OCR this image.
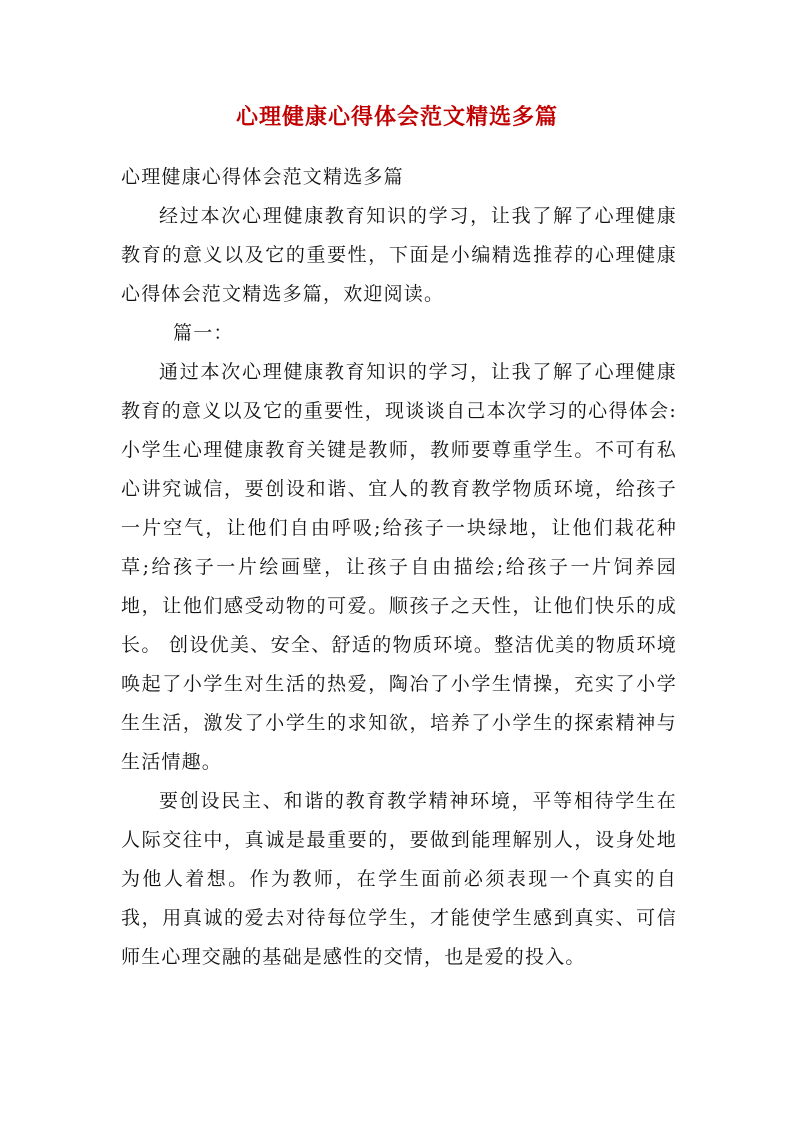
心理健康心得体会范文精选多篇

心理健康心得体会范文精选多篇

经过本次心理健康教育知识的学习，让我了解了心理健康教育的意义以及它的重要性，下面是小编精选推荐的心理健康心得体会范文精选多篇，欢迎阅读。

篇一：

通过本次心理健康教育知识的学习，让我了解了心理健康教育的意义以及它的重要性，现谈谈自己本次学习的心得体会:小学生心理健康教育关键是教师，教师要尊重学生。不可有私心讲究诚信，要创设和谐、宜人的教育教学物质环境，给孩子一片空气，让他们自由呼吸;给孩子一块绿地，让他们栽花种草;给孩子一片绘画壁，让孩子自由描绘;给孩子一片饲养园地，让他们感受动物的可爱。顺孩子之天性，让他们快乐的成长。 创设优美、安全、舒适的物质环境。整洁优美的物质环境唤起了小学生对生活的热爱，陶冶了小学生情操，充实了小学生生活，激发了小学生的求知欲，培养了小学生的探索精神与生活情趣。

要创设民主、和谐的教育教学精神环境，平等相待学生在人际交往中，真诚是最重要的，要做到能理解别人，设身处地为他人着想。作为教师，在学生面前必须表现一个真实的自我，用真诚的爱去对待每位学生，才能使学生感到真实、可信 师生心理交融的基础是感性的交情，也是爱的投入。
